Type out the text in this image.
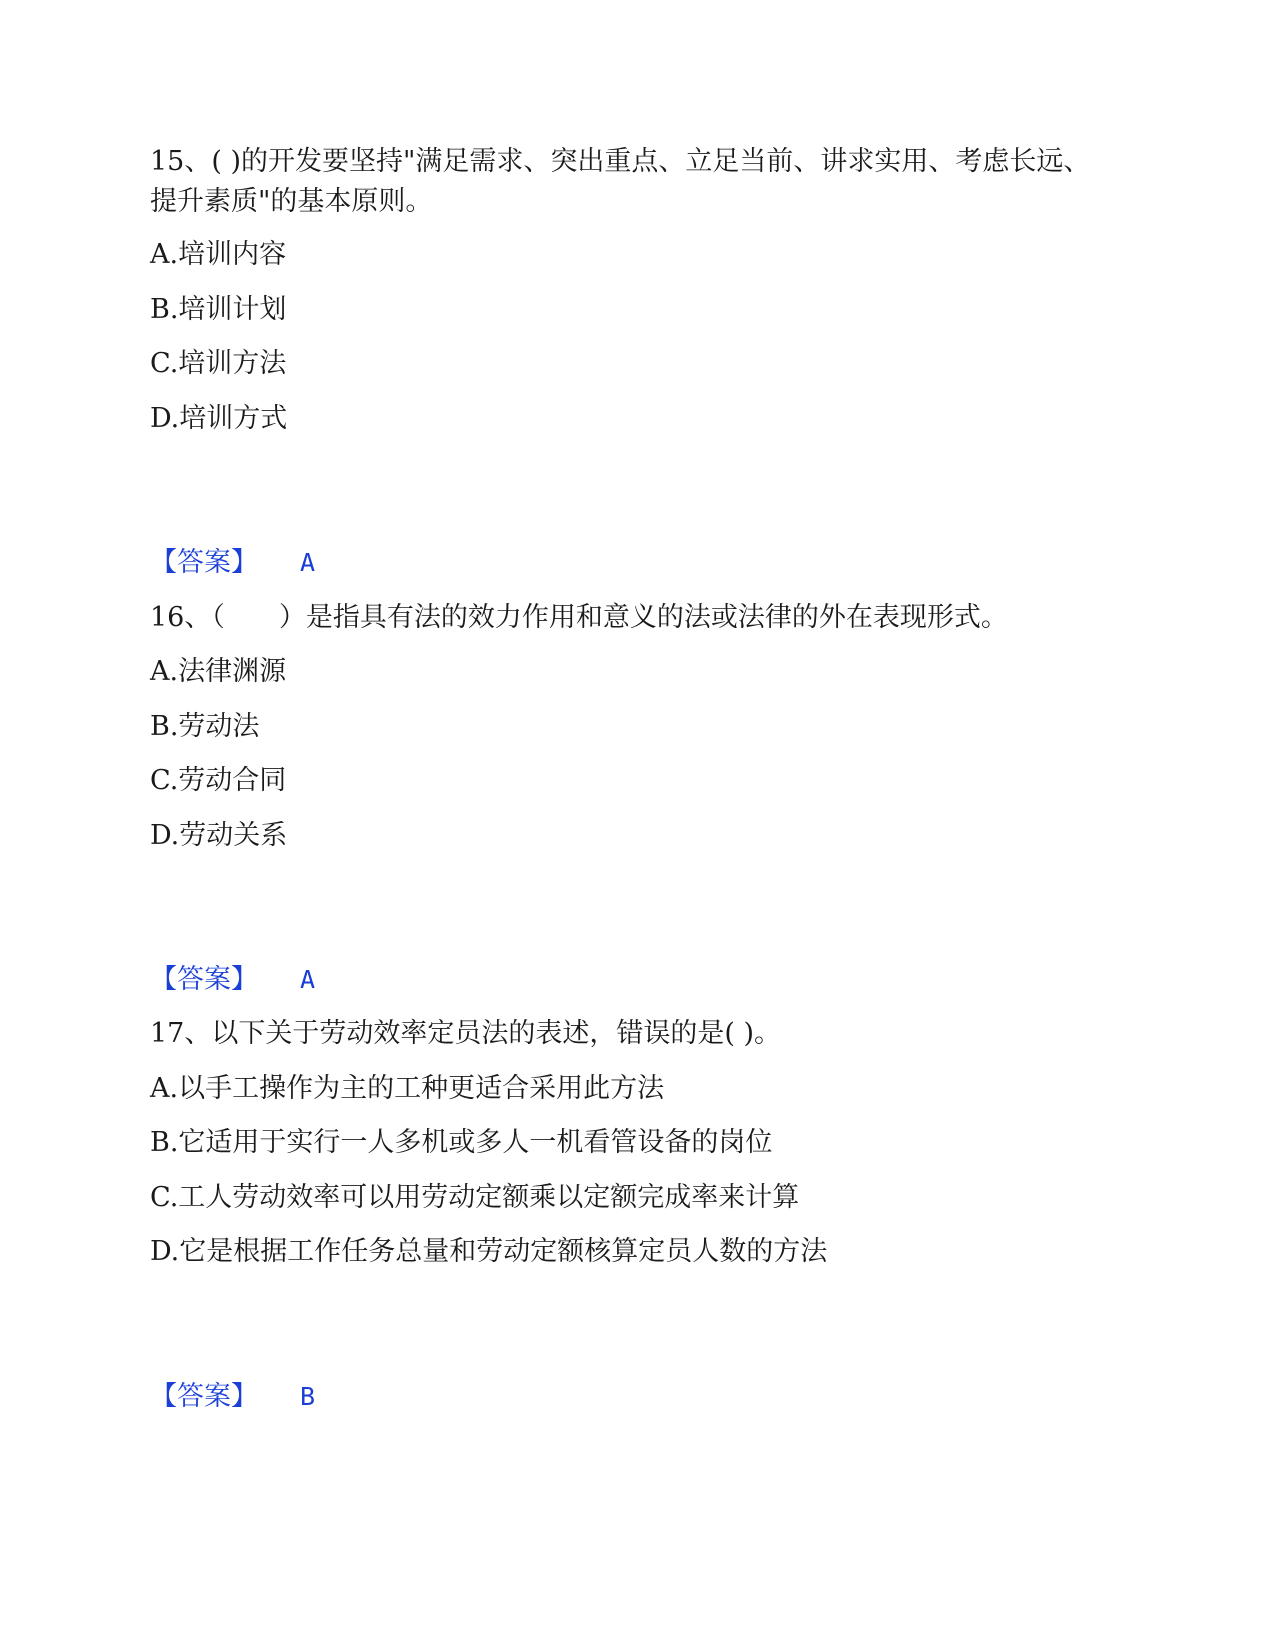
15、( )的开发要坚持"满足需求、突出重点、立足当前、讲求实用、考虑长远、提升素质"的基本原则。
A.培训内容
B.培训计划
C.培训方法
D.培训方式
【答案】 A
16、（　　）是指具有法的效力作用和意义的法或法律的外在表现形式。
A.法律渊源
B.劳动法
C.劳动合同
D.劳动关系
【答案】 A
17、以下关于劳动效率定员法的表述，错误的是( )。
A.以手工操作为主的工种更适合采用此方法
B.它适用于实行一人多机或多人一机看管设备的岗位
C.工人劳动效率可以用劳动定额乘以定额完成率来计算
D.它是根据工作任务总量和劳动定额核算定员人数的方法
【答案】 B
